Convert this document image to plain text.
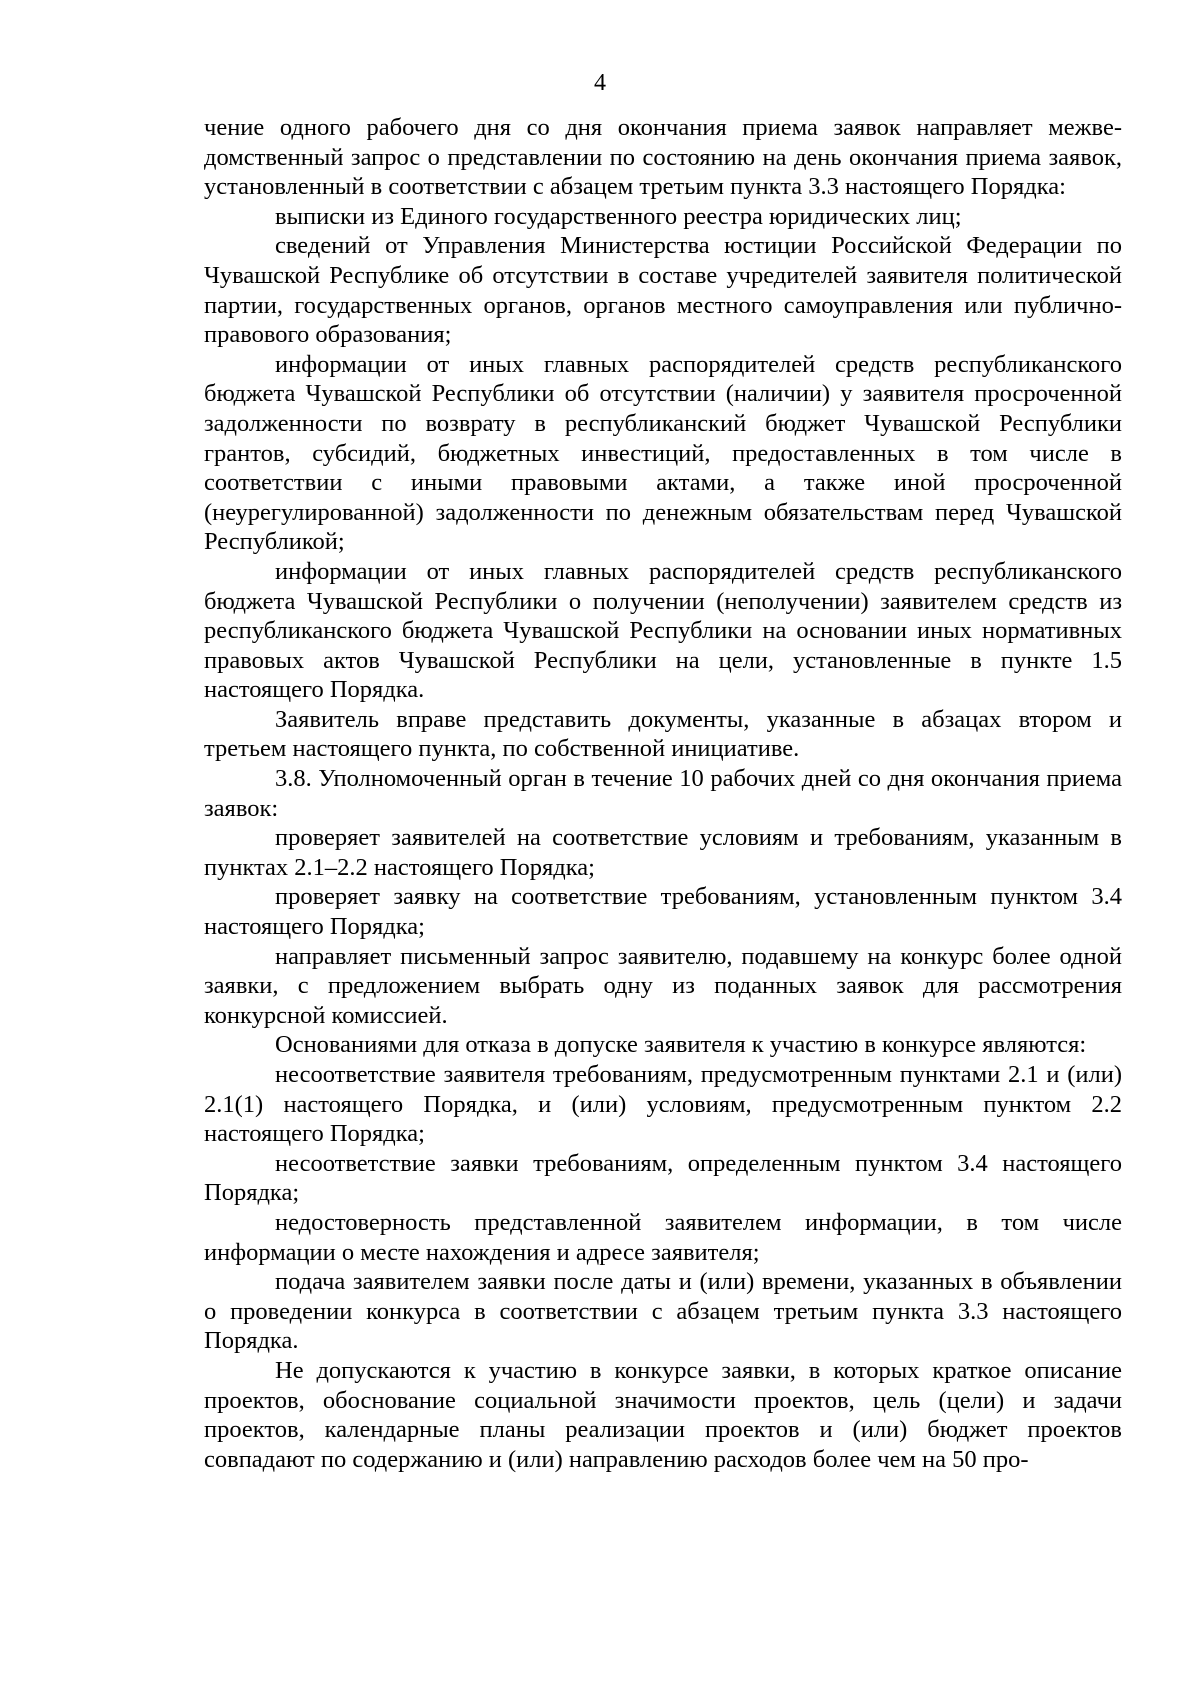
4

чение одного рабочего дня со дня окончания приема заявок направляет межведомственный запрос о представлении по состоянию на день окончания приема заявок, установленный в соответствии с абзацем третьим пункта 3.3 настоящего Порядка:

выписки из Единого государственного реестра юридических лиц;

сведений от Управления Министерства юстиции Российской Федерации по Чувашской Республике об отсутствии в составе учредителей заявителя политической партии, государственных органов, органов местного самоуправления или публично-правового образования;

информации от иных главных распорядителей средств республиканского бюджета Чувашской Республики об отсутствии (наличии) у заявителя просроченной задолженности по возврату в республиканский бюджет Чувашской Республики грантов, субсидий, бюджетных инвестиций, предоставленных в том числе в соответствии с иными правовыми актами, а также иной просроченной (неурегулированной) задолженности по денежным обязательствам перед Чувашской Республикой;

информации от иных главных распорядителей средств республиканского бюджета Чувашской Республики о получении (неполучении) заявителем средств из республиканского бюджета Чувашской Республики на основании иных нормативных правовых актов Чувашской Республики на цели, установленные в пункте 1.5 настоящего Порядка.

Заявитель вправе представить документы, указанные в абзацах втором и третьем настоящего пункта, по собственной инициативе.

3.8. Уполномоченный орган в течение 10 рабочих дней со дня окончания приема заявок:

проверяет заявителей на соответствие условиям и требованиям, указанным в пунктах 2.1–2.2 настоящего Порядка;

проверяет заявку на соответствие требованиям, установленным пунктом 3.4 настоящего Порядка;

направляет письменный запрос заявителю, подавшему на конкурс более одной заявки, с предложением выбрать одну из поданных заявок для рассмотрения конкурсной комиссией.

Основаниями для отказа в допуске заявителя к участию в конкурсе являются:

несоответствие заявителя требованиям, предусмотренным пунктами 2.1 и (или) 2.1(1) настоящего Порядка, и (или) условиям, предусмотренным пунктом 2.2 настоящего Порядка;

несоответствие заявки требованиям, определенным пунктом 3.4 настоящего Порядка;

недостоверность представленной заявителем информации, в том числе информации о месте нахождения и адресе заявителя;

подача заявителем заявки после даты и (или) времени, указанных в объявлении о проведении конкурса в соответствии с абзацем третьим пункта 3.3 настоящего Порядка.

Не допускаются к участию в конкурсе заявки, в которых краткое описание проектов, обоснование социальной значимости проектов, цель (цели) и задачи проектов, календарные планы реализации проектов и (или) бюджет проектов совпадают по содержанию и (или) направлению расходов более чем на 50 про-
